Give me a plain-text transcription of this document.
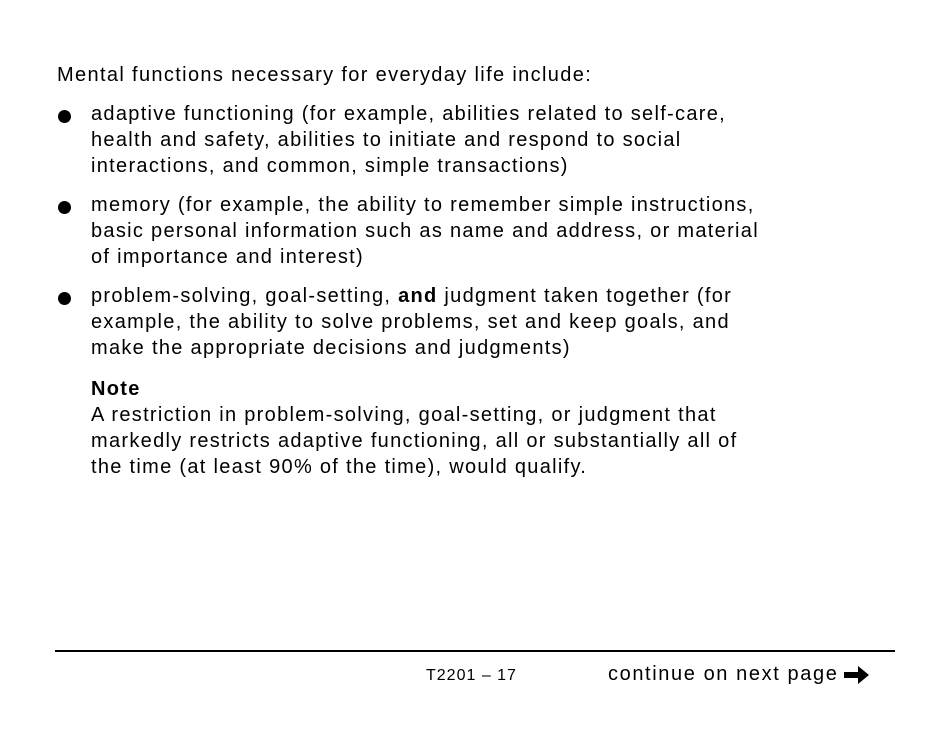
Mental functions necessary for everyday life include:
adaptive functioning (for example, abilities related to self-care,
health and safety, abilities to initiate and respond to social
interactions, and common, simple transactions)
memory (for example, the ability to remember simple instructions,
basic personal information such as name and address, or material
of importance and interest)
problem-solving, goal-setting, and judgment taken together (for
example, the ability to solve problems, set and keep goals, and
make the appropriate decisions and judgments)
Note
A restriction in problem-solving, goal-setting, or judgment that
markedly restricts adaptive functioning, all or substantially all of
the time (at least 90% of the time), would qualify.
T2201 – 17	continue on next page
